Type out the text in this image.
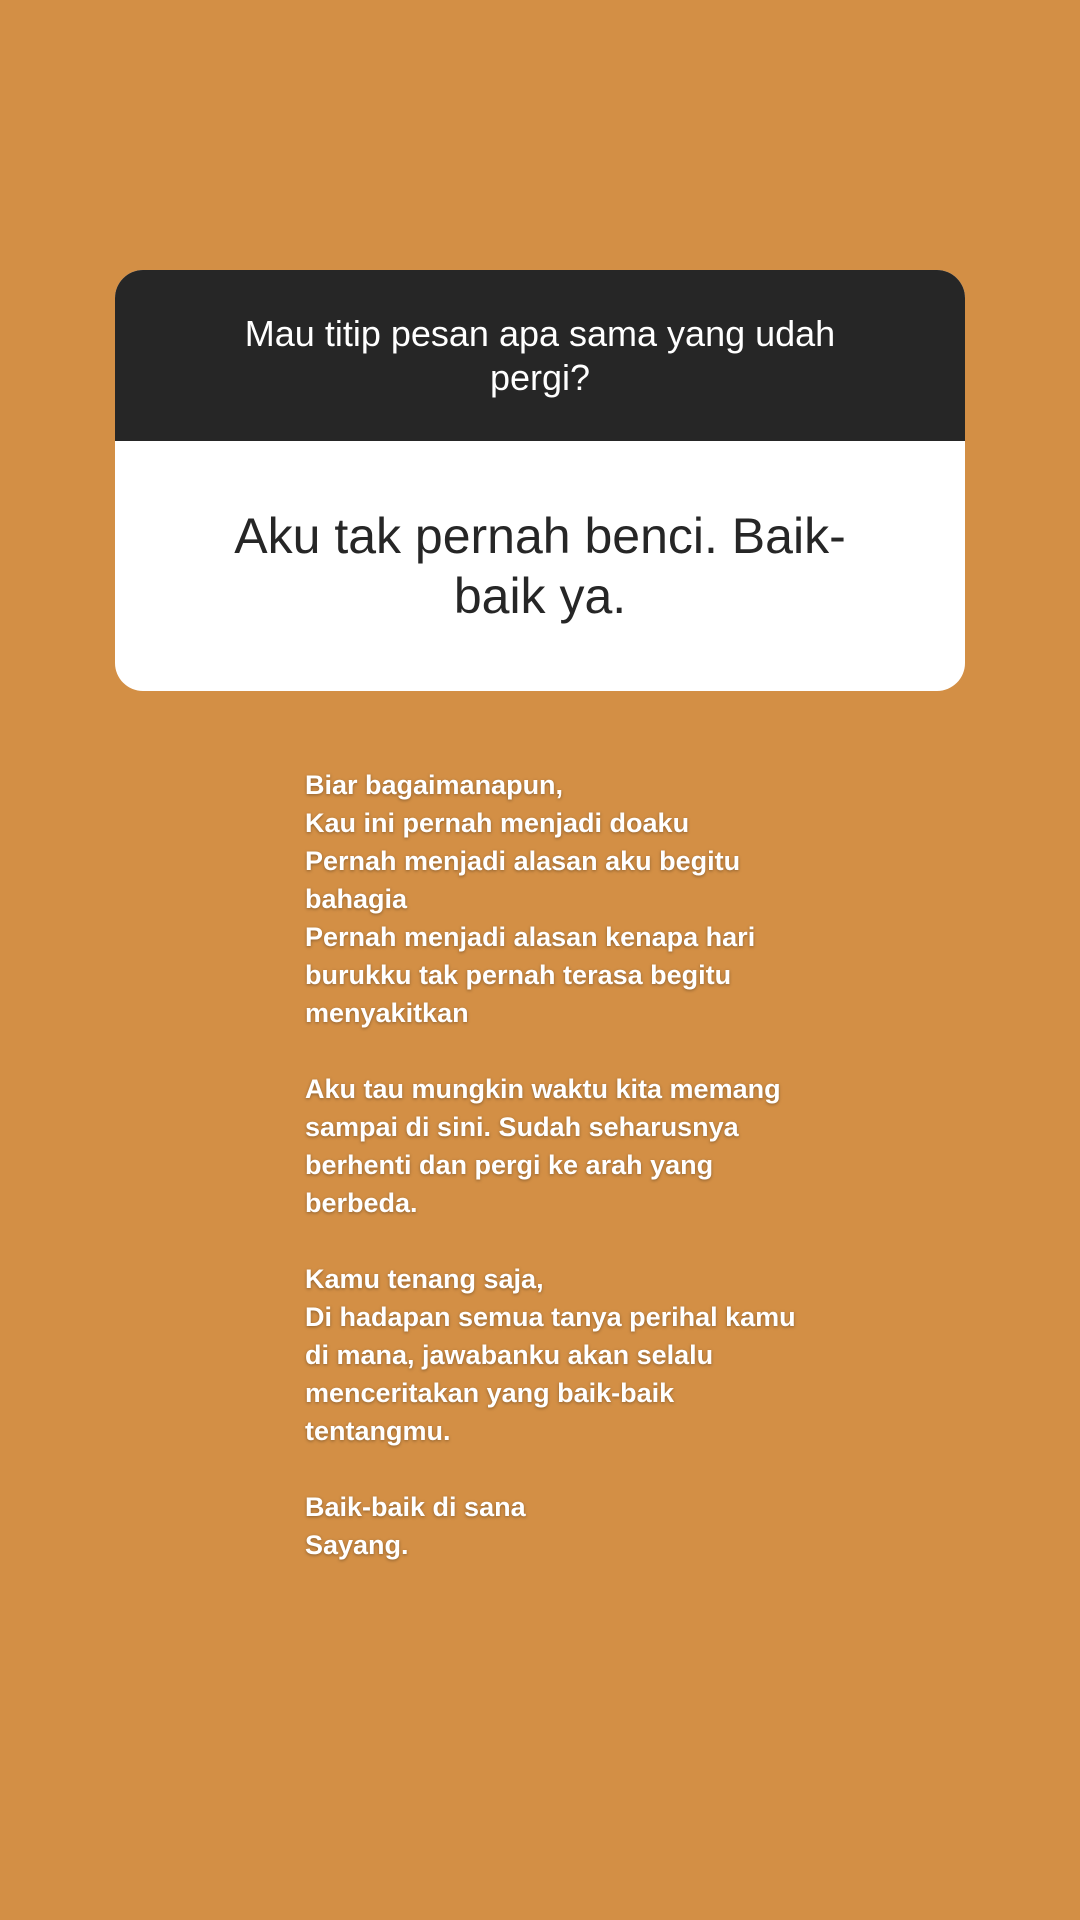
Mau titip pesan apa sama yang udah pergi?

Aku tak pernah benci. Baik-baik ya.

Biar bagaimanapun,
Kau ini pernah menjadi doaku
Pernah menjadi alasan aku begitu bahagia
Pernah menjadi alasan kenapa hari burukku tak pernah terasa begitu menyakitkan
Aku tau mungkin waktu kita memang sampai di sini. Sudah seharusnya berhenti dan pergi ke arah yang berbeda.
Kamu tenang saja,
Di hadapan semua tanya perihal kamu di mana, jawabanku akan selalu menceritakan yang baik-baik tentangmu.
Baik-baik di sana
Sayang.
